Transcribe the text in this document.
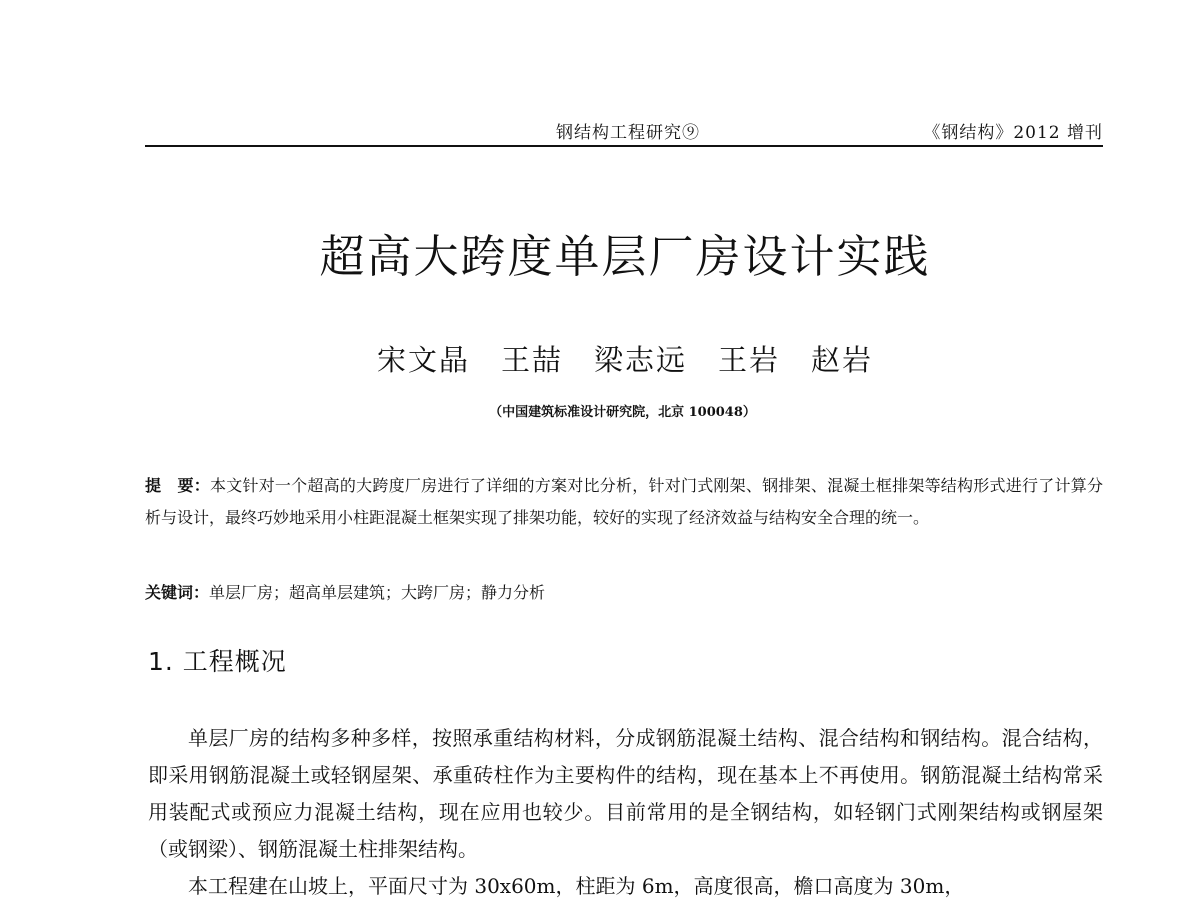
钢结构工程研究⑨	《钢结构》2012 增刊
超高大跨度单层厂房设计实践
宋文晶　王喆　梁志远　王岩　赵岩
（中国建筑标准设计研究院，北京 100048）
提　要：本文针对一个超高的大跨度厂房进行了详细的方案对比分析，针对门式刚架、钢排架、混凝土框排架等结构形式进行了计算分析与设计，最终巧妙地采用小柱距混凝土框架实现了排架功能，较好的实现了经济效益与结构安全合理的统一。
关键词：单层厂房；超高单层建筑；大跨厂房；静力分析
1. 工程概况

单层厂房的结构多种多样，按照承重结构材料，分成钢筋混凝土结构、混合结构和钢结构。混合结构，即采用钢筋混凝土或轻钢屋架、承重砖柱作为主要构件的结构，现在基本上不再使用。钢筋混凝土结构常采用装配式或预应力混凝土结构，现在应用也较少。目前常用的是全钢结构，如轻钢门式刚架结构或钢屋架（或钢梁）、钢筋混凝土柱排架结构。

本工程建在山坡上，平面尺寸为 30x60m，柱距为 6m，高度很高，檐口高度为 30m，
